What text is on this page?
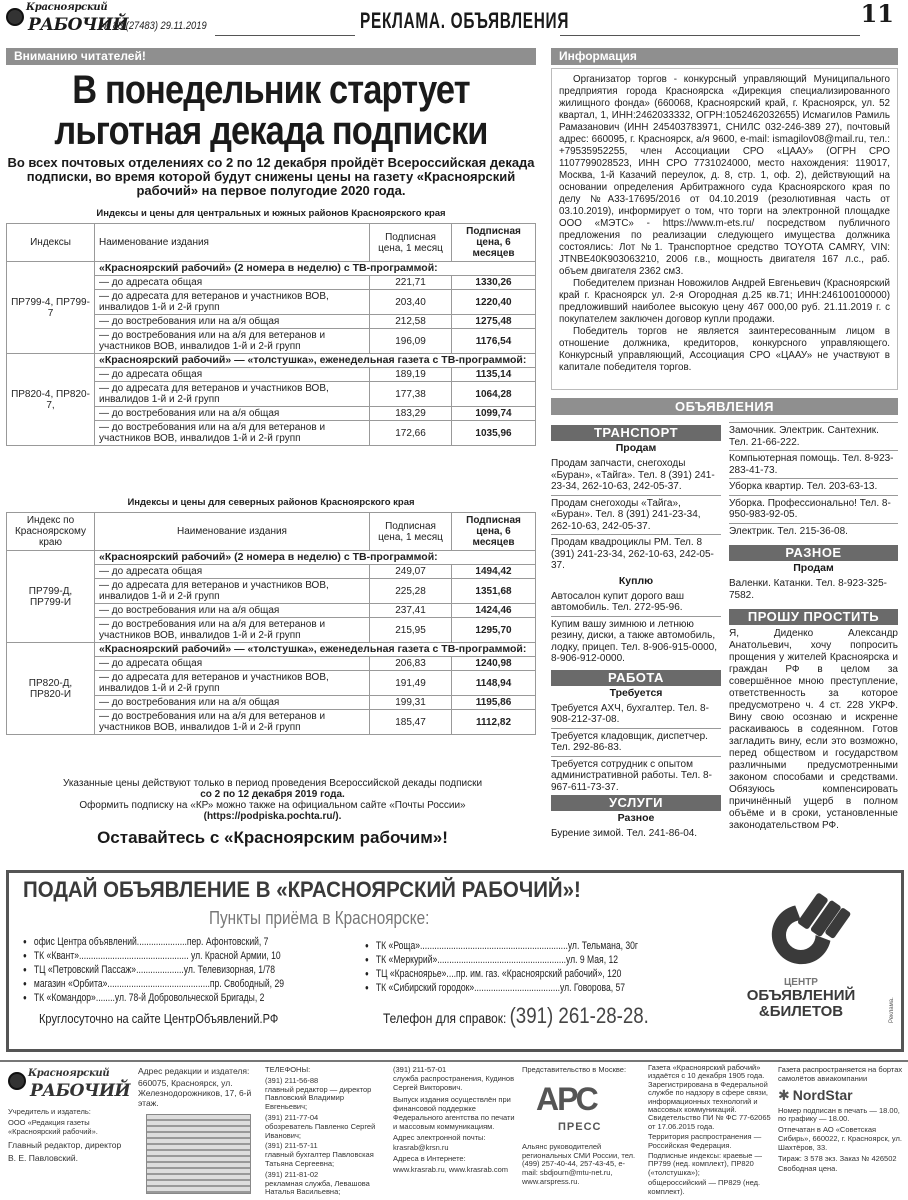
Красноярский
РАБОЧИЙ
№ 88 (27483) 29.11.2019	РЕКЛАМА. ОБЪЯВЛЕНИЯ	11
Вниманию читателей!	Информация
В понедельник стартует
льготная декада подписки
Во всех почтовых отделениях со 2 по 12 декабря пройдёт Всероссийская декада подписки, во время которой будут снижены цены на газету «Красноярский рабочий» на первое полугодие 2020 года.
Индексы и цены для центральных и южных районов Красноярского края
Индексы	Наименование издания	Подписная цена, 1 месяц	Подписная цена, 6 месяцев
ПР799-4, ПР799-7	«Красноярский рабочий» (2 номера в неделю) с ТВ-программой:		
	— до адресата общая	221,71	1330,26
	— до адресата для ветеранов и участников ВОВ, инвалидов 1-й и 2-й групп	203,40	1220,40
	— до востребования или на а/я общая	212,58	1275,48
	— до востребования или на а/я для ветеранов и участников ВОВ, инвалидов 1-й и 2-й групп	196,09	1176,54
ПР820-4, ПР820-7,	«Красноярский рабочий» — «толстушка», еженедельная газета с ТВ-программой:		
	— до адресата общая	189,19	1135,14
	— до адресата для ветеранов и участников ВОВ, инвалидов 1-й и 2-й групп	177,38	1064,28
	— до востребования или на а/я общая	183,29	1099,74
	— до востребования или на а/я для ветеранов и участников ВОВ, инвалидов 1-й и 2-й групп	172,66	1035,96
Индексы и цены для северных районов Красноярского края
Индекс по Красноярскому краю	Наименование издания	Подписная цена, 1 месяц	Подписная цена, 6 месяцев
ПР799-Д, ПР799-И	«Красноярский рабочий» (2 номера в неделю) с ТВ-программой:		
	— до адресата общая	249,07	1494,42
	— до адресата для ветеранов и участников ВОВ, инвалидов 1-й и 2-й групп	225,28	1351,68
	— до востребования или на а/я общая	237,41	1424,46
	— до востребования или на а/я для ветеранов и участников ВОВ, инвалидов 1-й и 2-й групп	215,95	1295,70
ПР820-Д, ПР820-И	«Красноярский рабочий» — «толстушка», еженедельная газета с ТВ-программой:		
	— до адресата общая	206,83	1240,98
	— до адресата для ветеранов и участников ВОВ, инвалидов 1-й и 2-й групп	191,49	1148,94
	— до востребования или на а/я общая	199,31	1195,86
	— до востребования или на а/я для ветеранов и участников ВОВ, инвалидов 1-й и 2-й групп	185,47	1112,82
Указанные цены действуют только в период проведения Всероссийской декады подписки
со 2 по 12 декабря 2019 года.
Оформить подписку на «КР» можно также на официальном сайте «Почты России»
(https://podpiska.pochta.ru/).
Оставайтесь с «Красноярским рабочим»!

Организатор торгов - конкурсный управляющий Муниципального предприятия города Красноярска «Дирекция специализированного жилищного фонда» (660068, Красноярский край, г. Красноярск, ул. 52 квартал, 1, ИНН:2462033332, ОГРН:1052462032655) Исмагилов Рамиль Рамазанович (ИНН 245403783971, СНИЛС 032-246-389 27), почтовый адрес: 660095, г. Красноярск, а/я 9600, e-mail: ismagilov08@mail.ru, тел.: +79535952255, член Ассоциации СРО «ЦААУ» (ОГРН СРО 1107799028523, ИНН СРО 7731024000, место нахождения: 119017, Москва, 1-й Казачий переулок, д. 8, стр. 1, оф. 2), действующий на основании определения Арбитражного суда Красноярского края по делу №А33-17695/2016 от 04.10.2019 (резолютивная часть от 03.10.2019), информирует о том, что торги на электронной площадке ООО «МЭТС» - https://www.m-ets.ru/ посредством публичного предложения по реализации следующего имущества должника состоялись: Лот №1. Транспортное средство TOYOTA CAMRY, VIN: JTNBE40K903063210, 2006 г.в., мощность двигателя 167 л.с., раб. объем двигателя 2362 см3.

Победителем признан Новожилов Андрей Евгеньевич (Красноярский край г. Красноярск ул. 2-я Огородная д.25 кв.71; ИНН:246100100000) предложивший наиболее высокую цену 467 000,00 руб. 21.11.2019 г. с покупателем заключен договор купли продажи.

Победитель торгов не является заинтересованным лицом в отношение должника, кредиторов, конкурсного управляющего. Конкурсный управляющий, Ассоциация СРО «ЦААУ» не участвуют в капитале победителя торгов.

ОБЪЯВЛЕНИЯ
ТРАНСПОРТ
Продам
Продам запчасти, снегоходы «Буран», «Тайга». Тел. 8 (391) 241-23-34, 262-10-63, 242-05-37.
Продам снегоходы «Тайга», «Буран». Тел. 8 (391) 241-23-34, 262-10-63, 242-05-37.
Продам квадроциклы РМ. Тел. 8 (391) 241-23-34, 262-10-63, 242-05-37.
Куплю
Автосалон купит дорого ваш автомобиль. Тел. 272-95-96.
Купим вашу зимнюю и летнюю резину, диски, а также автомобиль, лодку, прицеп. Тел. 8-906-915-0000, 8-906-912-0000.
РАБОТА
Требуется
Требуется АХЧ, бухгалтер. Тел. 8-908-212-37-08.
Требуется кладовщик, диспетчер. Тел. 292-86-83.
Требуется сотрудник с опытом административной работы. Тел. 8-967-611-73-37.
УСЛУГИ
Разное
Бурение зимой. Тел. 241-86-04.
Замочник. Электрик. Сантехник. Тел. 21-66-222.
Компьютерная помощь. Тел. 8-923-283-41-73.
Уборка квартир. Тел. 203-63-13.
Уборка. Профессионально! Тел. 8-950-983-92-05.
Электрик. Тел. 215-36-08.
РАЗНОЕ
Продам
Валенки. Катанки. Тел. 8-923-325-7582.
ПРОШУ ПРОСТИТЬ
Я, Диденко Александр Анатольевич, хочу попросить прощения у жителей Красноярска и граждан РФ в целом за совершённое мною преступление, ответственность за которое предусмотрено ч. 4 ст. 228 УКРФ. Вину свою осознаю и искренне раскаиваюсь в содеянном. Готов загладить вину, если это возможно, перед обществом и государством различными предусмотренными законом способами и средствами. Обязуюсь компенсировать причинённый ущерб в полном объёме и в сроки, установленные законодательством РФ.
ПОДАЙ ОБЪЯВЛЕНИЕ В «КРАСНОЯРСКИЙ РАБОЧИЙ»!
Пункты приёма в Красноярске:
● офис Центра объявлений.....................пер. Афонтовский, 7
● ТК «Квант».............................................. ул. Красной Армии, 10
● ТЦ «Петровский Пассаж»....................ул. Телевизорная, 1/78
● магазин «Орбита»...........................................пр. Свободный, 29
● ТК «Командор»........ул. 78-й Добровольческой Бригады, 2
Круглосуточно на сайте ЦентрОбъявлений.РФ
● ТК «Роща»..............................................................ул. Тельмана, 30г
● ТК «Меркурий»......................................................ул. 9 Мая, 12
● ТЦ «Красноярье»....пр. им. газ. «Красноярский рабочий», 120
● ТК «Сибирский городок»....................................ул. Говорова, 57
Телефон для справок: (391) 261-28-28.
ЦЕНТР
ОБЪЯВЛЕНИЙ
&БИЛЕТОВ	Реклама.
Красноярский
РАБОЧИЙ

Учредитель и издатель:

ООО «Редакция газеты «Красноярский рабочий».

Главный редактор, директор

В. Е. Павловский.

Адрес редакции и издателя:

660075, Красноярск, ул. Железнодорожников, 17, 6-й этаж.

ТЕЛЕФОНЫ:

(391) 211-56-88
главный редактор — директор Павловский Владимир Евгеньевич;

(391) 211-77-04
обозреватель Павленко Сергей Иванович;

(391) 211-57-11
главный бухгалтер Павловская Татьяна Сергеевна;

(391) 211-81-02
рекламная служба, Левашова Наталья Васильевна;

(391) 211-57-01
служба распространения, Кудинов Сергей Викторович.

Выпуск издания осуществлён при финансовой поддержке Федерального агентства по печати и массовым коммуникациям.

Адрес электронной почты:

krasrab@krsn.ru

Адреса в Интернете:

www.krasrab.ru, www.krasrab.com

Представительство в Москве:

АРС
ПРЕСС

Альянс руководителей региональных СМИ России, тел. (499) 257-40-44, 257-43-45, e-mail: sbdjourn@mtu-net.ru, www.arspress.ru.

Газета «Красноярский рабочий» издаётся с 10 декабря 1905 года. Зарегистрирована в Федеральной службе по надзору в сфере связи, информационных технологий и массовых коммуникаций. Свидетельство ПИ № ФС 77-62065 от 17.06.2015 года.

Территория распространения — Российская Федерация.

Подписные индексы: краевые — ПР799 (нед. комплект), ПР820 («толстушка»);

общероссийский — ПР829 (нед. комплект).

Газета распространяется на бортах самолётов авиакомпании

✱ NordStar

Номер подписан в печать — 18.00, по графику — 18.00.

Отпечатан в АО «Советская Сибирь», 660022, г. Красноярск, ул. Шахтёров, 33.

Тираж: 3 578 экз. Заказ № 426502

Свободная цена.
